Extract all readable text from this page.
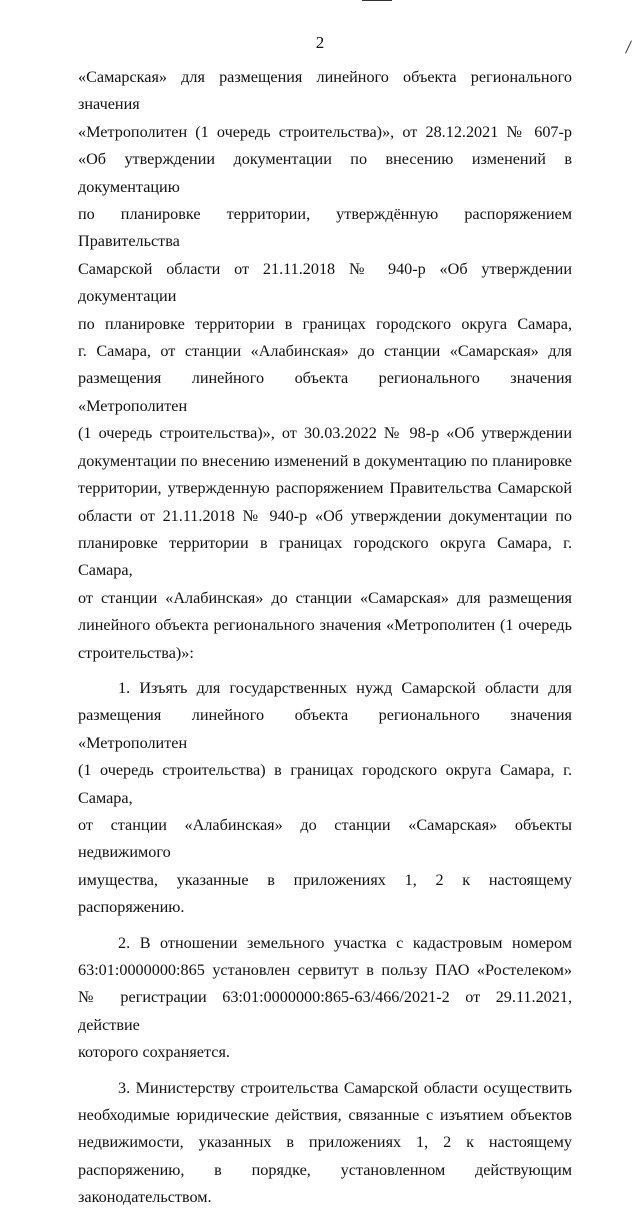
2

«Самарская» для размещения линейного объекта регионального значения

«Метрополитен (1 очередь строительства)», от 28.12.2021 № 607-р

«Об утверждении документации по внесению изменений в документацию

по планировке территории, утверждённую распоряжением Правительства

Самарской области от 21.11.2018 № 940-р «Об утверждении документации

по планировке территории в границах городского округа Самара,

г. Самара, от станции «Алабинская» до станции «Самарская» для

размещения линейного объекта регионального значения «Метрополитен

(1 очередь строительства)», от 30.03.2022 № 98-р «Об утверждении

документации по внесению изменений в документацию по планировке

территории, утвержденную распоряжением Правительства Самарской

области от 21.11.2018 № 940-р «Об утверждении документации по

планировке территории в границах городского округа Самара, г. Самара,

от станции «Алабинская» до станции «Самарская» для размещения

линейного объекта регионального значения «Метрополитен (1 очередь

строительства)»:

1. Изъять для государственных нужд Самарской области для

размещения линейного объекта регионального значения «Метрополитен

(1 очередь строительства) в границах городского округа Самара, г. Самара,

от станции «Алабинская» до станции «Самарская» объекты недвижимого

имущества, указанные в приложениях 1, 2 к настоящему распоряжению.

2. В отношении земельного участка с кадастровым номером

63:01:0000000:865 установлен сервитут в пользу ПАО «Ростелеком»

№ регистрации 63:01:0000000:865-63/466/2021-2 от 29.11.2021, действие

которого сохраняется.

3. Министерству строительства Самарской области осуществить

необходимые юридические действия, связанные с изъятием объектов

недвижимости, указанных в приложениях 1, 2 к настоящему

распоряжению, в порядке, установленном действующим

законодательством.
